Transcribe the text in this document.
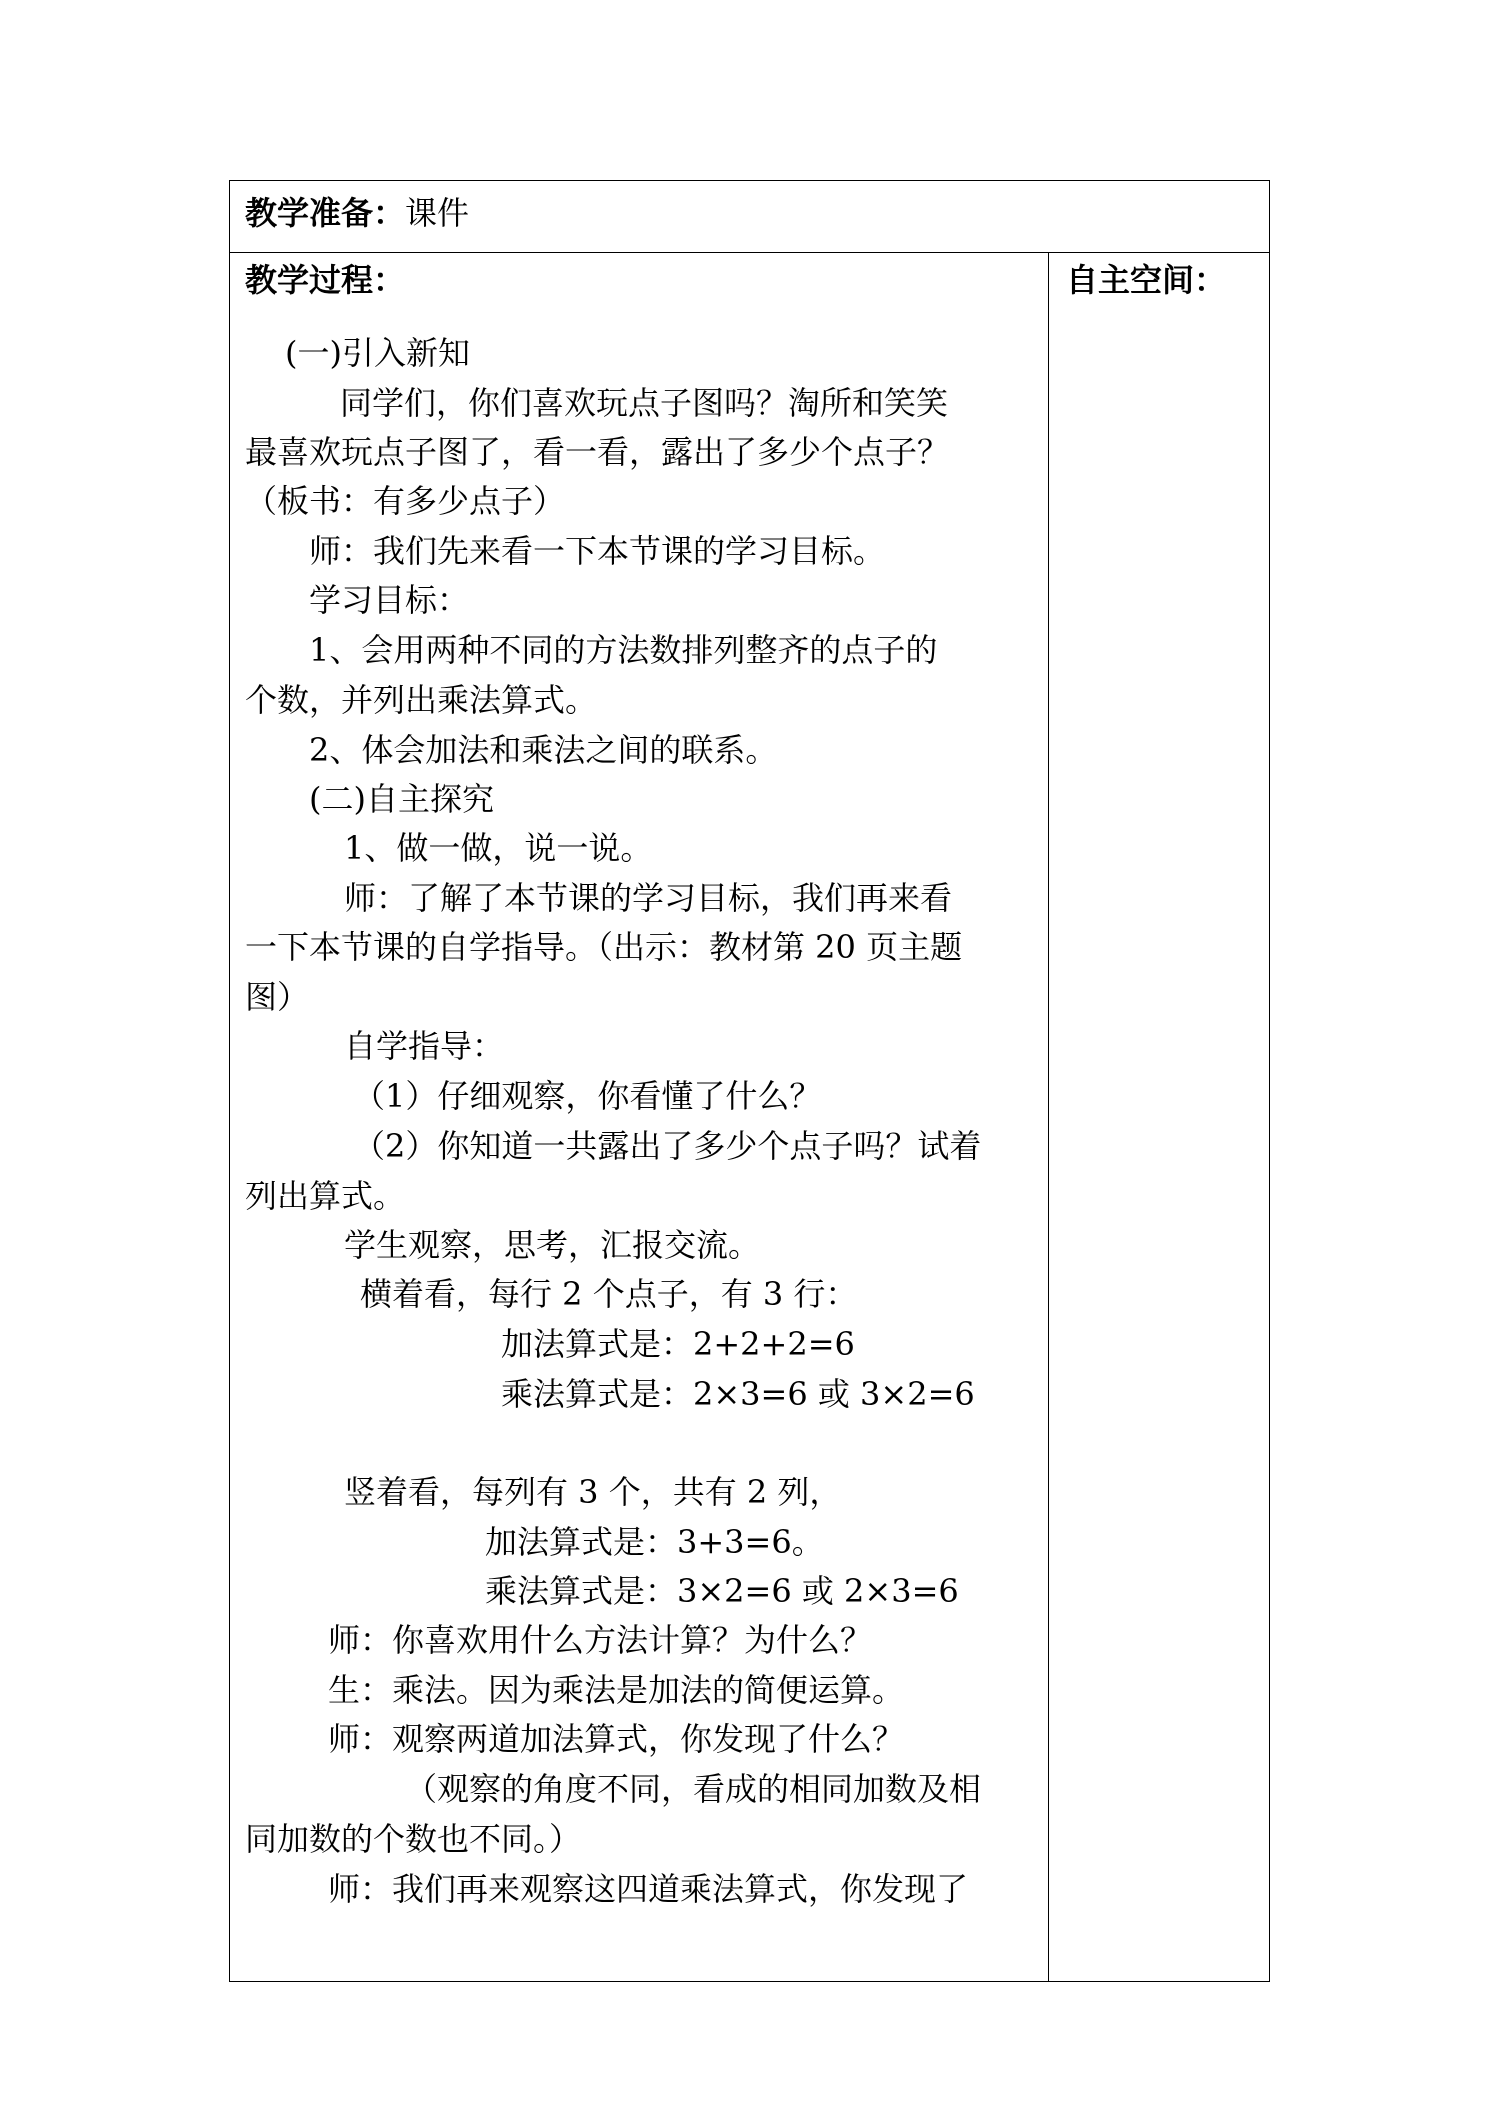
教学准备：课件
教学过程：	自主空间：
(一)引入新知
同学们，你们喜欢玩点子图吗？淘所和笑笑
最喜欢玩点子图了，看一看，露出了多少个点子？
（板书：有多少点子）
师：我们先来看一下本节课的学习目标。
学习目标：
1、会用两种不同的方法数排列整齐的点子的
个数，并列出乘法算式。
2、体会加法和乘法之间的联系。
(二)自主探究
1、做一做，说一说。
师：了解了本节课的学习目标，我们再来看
一下本节课的自学指导。（出示：教材第 20 页主题
图）
自学指导：
（1）仔细观察，你看懂了什么？
（2）你知道一共露出了多少个点子吗？试着
列出算式。
学生观察，思考，汇报交流。
横着看，每行 2 个点子，有 3 行：
加法算式是：2+2+2=6
乘法算式是：2×3=6 或 3×2=6
竖着看，每列有 3 个，共有 2 列，
加法算式是：3+3=6。
乘法算式是：3×2=6 或 2×3=6
师：你喜欢用什么方法计算？为什么？
生：乘法。因为乘法是加法的简便运算。
师：观察两道加法算式，你发现了什么？
（观察的角度不同，看成的相同加数及相
同加数的个数也不同。）
师：我们再来观察这四道乘法算式，你发现了
